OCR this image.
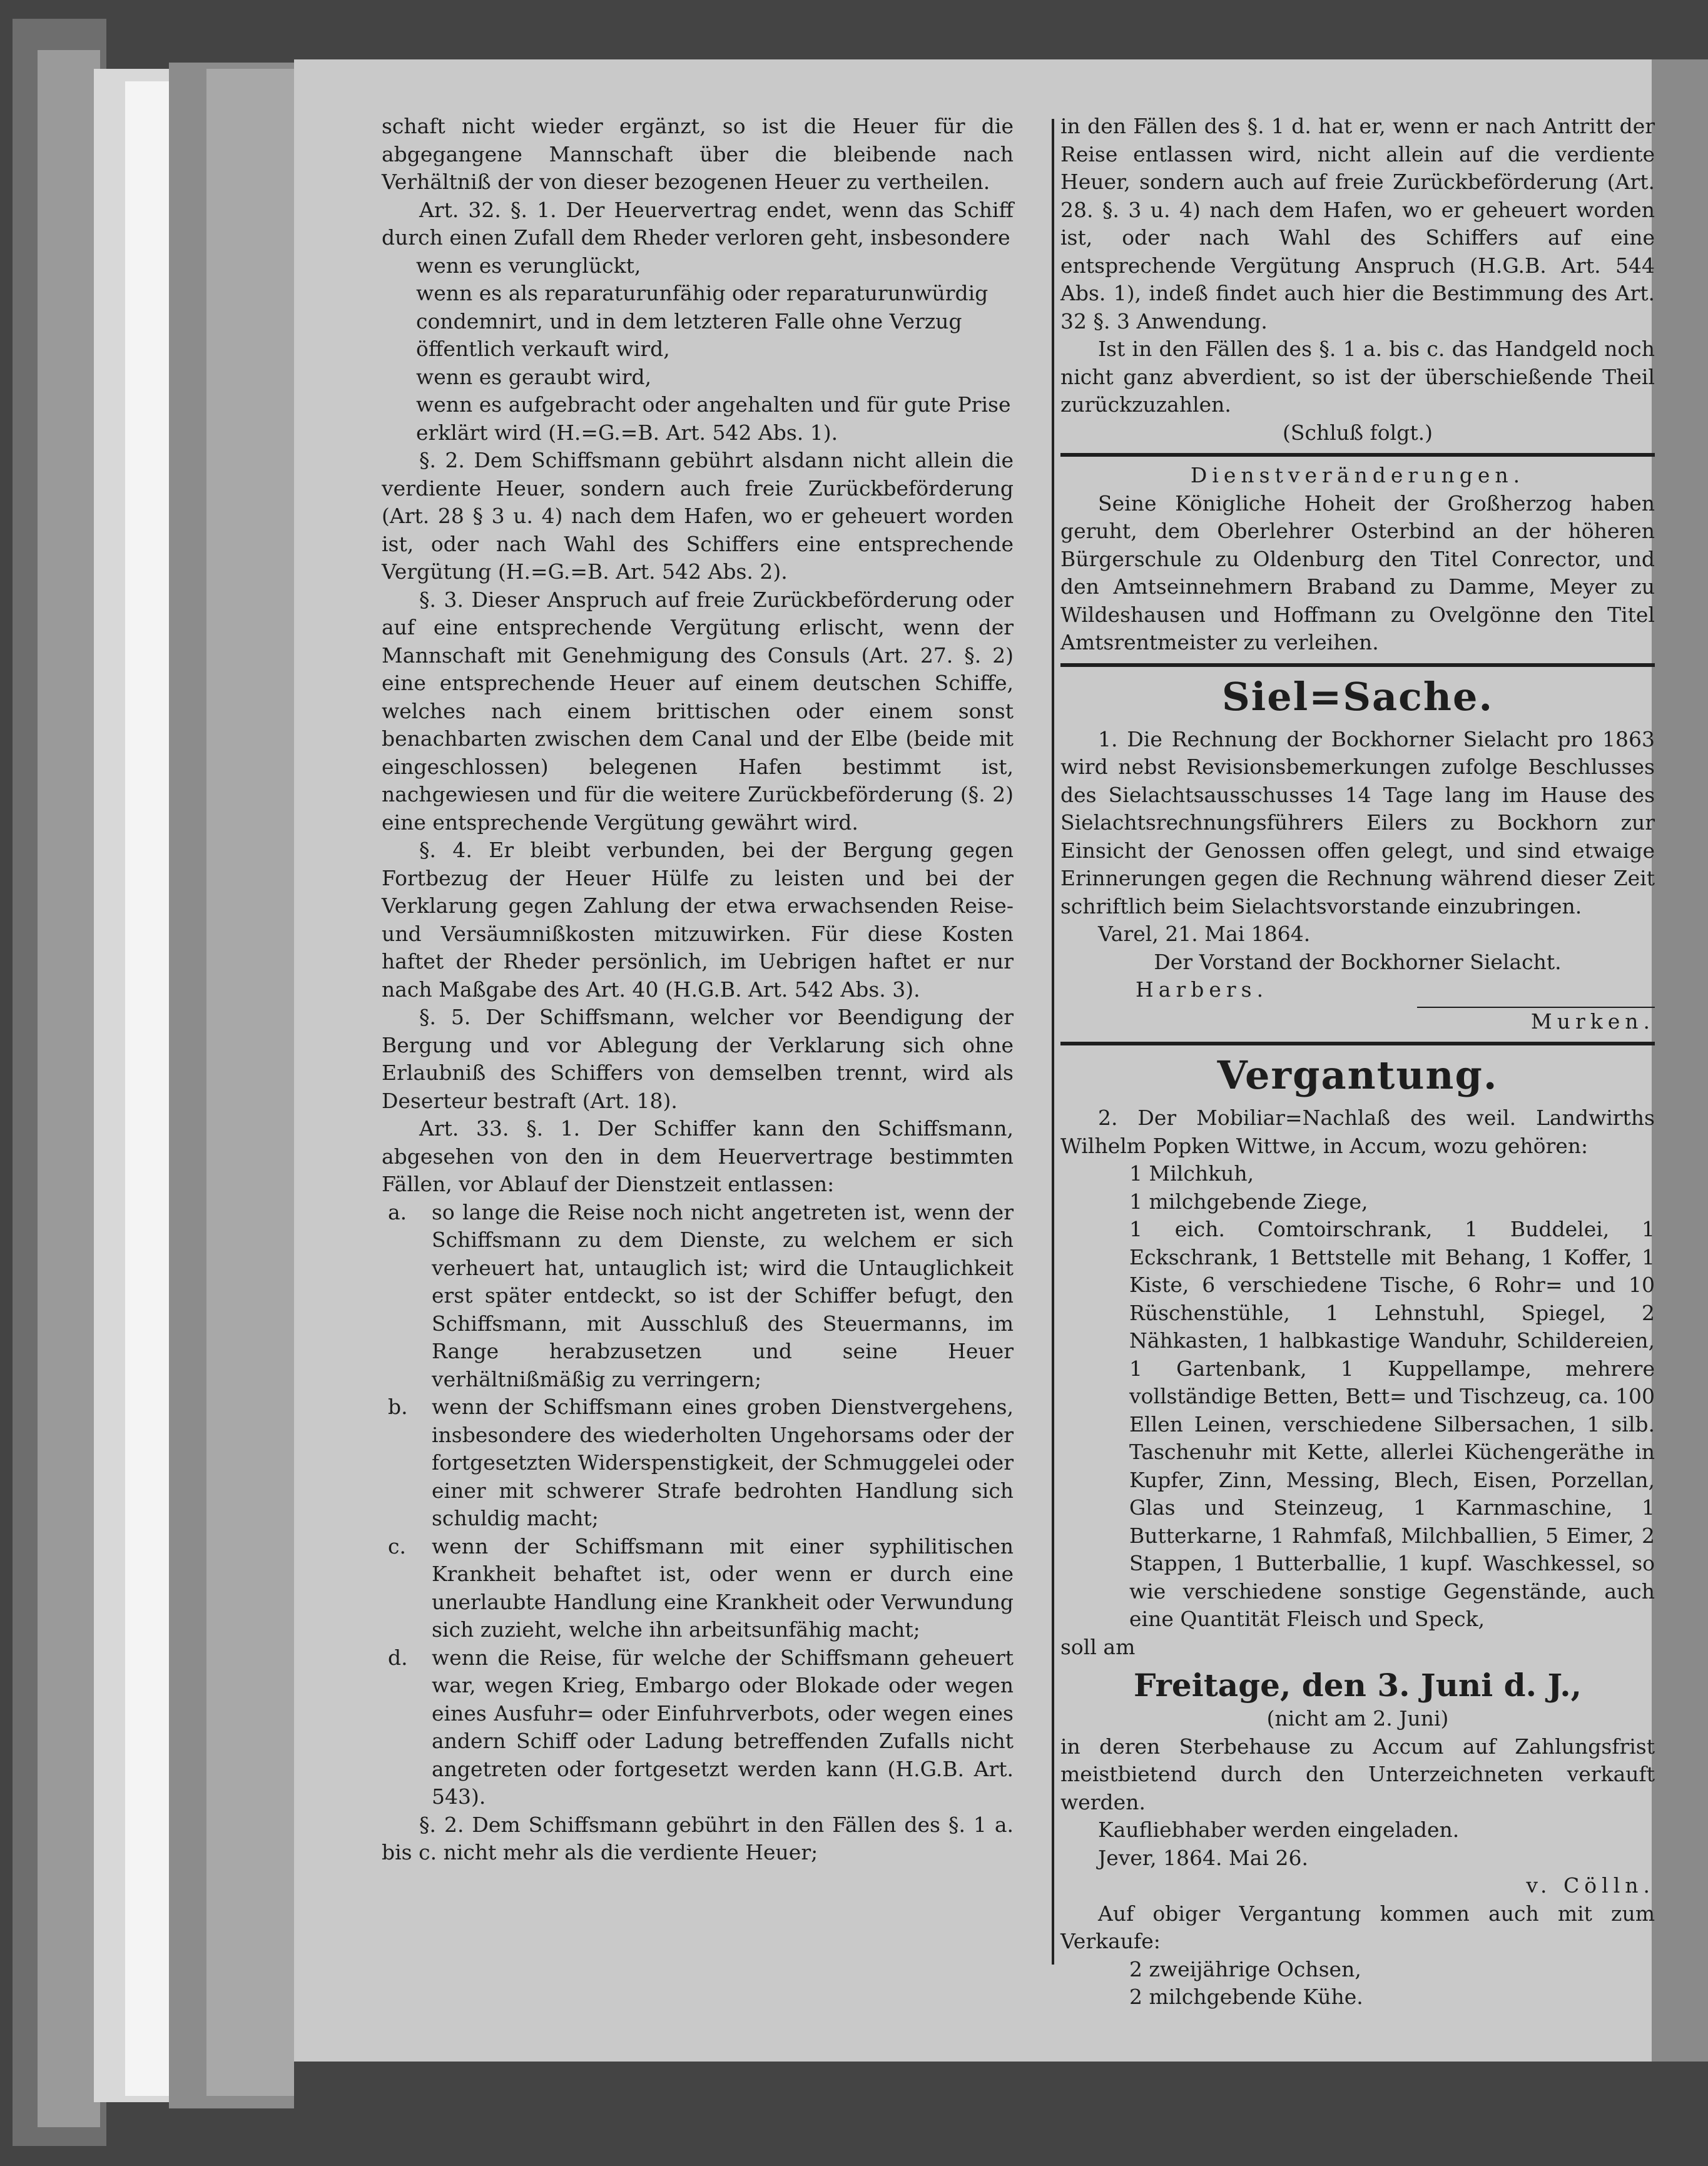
schaft nicht wieder ergänzt, so ist die Heuer für die abgegangene Mannschaft über die bleibende nach Verhältniß der von dieser bezogenen Heuer zu vertheilen.

Art. 32. §. 1. Der Heuervertrag endet, wenn das Schiff durch einen Zufall dem Rheder verloren geht, insbesondere

wenn es verunglückt,

wenn es als reparaturunfähig oder reparaturunwürdig condemnirt, und in dem letzteren Falle ohne Verzug öffentlich verkauft wird,

wenn es geraubt wird,

wenn es aufgebracht oder angehalten und für gute Prise erklärt wird (H.=G.=B. Art. 542 Abs. 1).

§. 2. Dem Schiffsmann gebührt alsdann nicht allein die verdiente Heuer, sondern auch freie Zurückbeförderung (Art. 28 § 3 u. 4) nach dem Hafen, wo er geheuert worden ist, oder nach Wahl des Schiffers eine entsprechende Vergütung (H.=G.=B. Art. 542 Abs. 2).

§. 3. Dieser Anspruch auf freie Zurückbeförderung oder auf eine entsprechende Vergütung erlischt, wenn der Mannschaft mit Genehmigung des Consuls (Art. 27. §. 2) eine entsprechende Heuer auf einem deutschen Schiffe, welches nach einem brittischen oder einem sonst benachbarten zwischen dem Canal und der Elbe (beide mit eingeschlossen) belegenen Hafen bestimmt ist, nachgewiesen und für die weitere Zurückbeförderung (§. 2) eine entsprechende Vergütung gewährt wird.

§. 4. Er bleibt verbunden, bei der Bergung gegen Fortbezug der Heuer Hülfe zu leisten und bei der Verklarung gegen Zahlung der etwa erwachsenden Reise- und Versäumnißkosten mitzuwirken. Für diese Kosten haftet der Rheder persönlich, im Uebrigen haftet er nur nach Maßgabe des Art. 40 (H.G.B. Art. 542 Abs. 3).

§. 5. Der Schiffsmann, welcher vor Beendigung der Bergung und vor Ablegung der Verklarung sich ohne Erlaubniß des Schiffers von demselben trennt, wird als Deserteur bestraft (Art. 18).

Art. 33. §. 1. Der Schiffer kann den Schiffsmann, abgesehen von den in dem Heuervertrage bestimmten Fällen, vor Ablauf der Dienstzeit entlassen:

a.	so lange die Reise noch nicht angetreten ist, wenn der Schiffsmann zu dem Dienste, zu welchem er sich verheuert hat, untauglich ist; wird die Untauglichkeit erst später entdeckt, so ist der Schiffer befugt, den Schiffsmann, mit Ausschluß des Steuermanns, im Range herabzusetzen und seine Heuer verhältnißmäßig zu verringern;
b.	wenn der Schiffsmann eines groben Dienstvergehens, insbesondere des wiederholten Ungehorsams oder der fortgesetzten Widerspenstigkeit, der Schmuggelei oder einer mit schwerer Strafe bedrohten Handlung sich schuldig macht;
c.	wenn der Schiffsmann mit einer syphilitischen Krankheit behaftet ist, oder wenn er durch eine unerlaubte Handlung eine Krankheit oder Verwundung sich zuzieht, welche ihn arbeitsunfähig macht;
d.	wenn die Reise, für welche der Schiffsmann geheuert war, wegen Krieg, Embargo oder Blokade oder wegen eines Ausfuhr= oder Einfuhrverbots, oder wegen eines andern Schiff oder Ladung betreffenden Zufalls nicht angetreten oder fortgesetzt werden kann (H.G.B. Art. 543).

§. 2. Dem Schiffsmann gebührt in den Fällen des §. 1 a. bis c. nicht mehr als die verdiente Heuer;

in den Fällen des §. 1 d. hat er, wenn er nach Antritt der Reise entlassen wird, nicht allein auf die verdiente Heuer, sondern auch auf freie Zurückbeförderung (Art. 28. §. 3 u. 4) nach dem Hafen, wo er geheuert worden ist, oder nach Wahl des Schiffers auf eine entsprechende Vergütung Anspruch (H.G.B. Art. 544 Abs. 1), indeß findet auch hier die Bestimmung des Art. 32 §. 3 Anwendung.

Ist in den Fällen des §. 1 a. bis c. das Handgeld noch nicht ganz abverdient, so ist der überschießende Theil zurückzuzahlen.

(Schluß folgt.)

Dienstveränderungen.

Seine Königliche Hoheit der Großherzog haben geruht, dem Oberlehrer Osterbind an der höheren Bürgerschule zu Oldenburg den Titel Conrector, und den Amtseinnehmern Braband zu Damme, Meyer zu Wildeshausen und Hoffmann zu Ovelgönne den Titel Amtsrentmeister zu verleihen.

Siel=Sache.

1. Die Rechnung der Bockhorner Sielacht pro 1863 wird nebst Revisionsbemerkungen zufolge Beschlusses des Sielachtsausschusses 14 Tage lang im Hause des Sielachtsrechnungsführers Eilers zu Bockhorn zur Einsicht der Genossen offen gelegt, und sind etwaige Erinnerungen gegen die Rechnung während dieser Zeit schriftlich beim Sielachtsvorstande einzubringen.

Varel, 21. Mai 1864.

Der Vorstand der Bockhorner Sielacht.

Harbers.

Murken.

Vergantung.

2. Der Mobiliar=Nachlaß des weil. Landwirths Wilhelm Popken Wittwe, in Accum, wozu gehören:

1 Milchkuh,

1 milchgebende Ziege,

1 eich. Comtoirschrank, 1 Buddelei, 1 Eckschrank, 1 Bettstelle mit Behang, 1 Koffer, 1 Kiste, 6 verschiedene Tische, 6 Rohr= und 10 Rüschenstühle, 1 Lehnstuhl, Spiegel, 2 Nähkasten, 1 halbkastige Wanduhr, Schildereien, 1 Gartenbank, 1 Kuppellampe, mehrere vollständige Betten, Bett= und Tischzeug, ca. 100 Ellen Leinen, verschiedene Silbersachen, 1 silb. Taschenuhr mit Kette, allerlei Küchengeräthe in Kupfer, Zinn, Messing, Blech, Eisen, Porzellan, Glas und Steinzeug, 1 Karnmaschine, 1 Butterkarne, 1 Rahmfaß, Milchballien, 5 Eimer, 2 Stappen, 1 Butterballie, 1 kupf. Waschkessel, so wie verschiedene sonstige Gegenstände, auch eine Quantität Fleisch und Speck,

soll am

Freitage, den 3. Juni d. J.,

(nicht am 2. Juni)

in deren Sterbehause zu Accum auf Zahlungsfrist meistbietend durch den Unterzeichneten verkauft werden.

Kaufliebhaber werden eingeladen.

Jever, 1864. Mai 26.

v. Cölln.

Auf obiger Vergantung kommen auch mit zum Verkaufe:

2 zweijährige Ochsen,

2 milchgebende Kühe.
